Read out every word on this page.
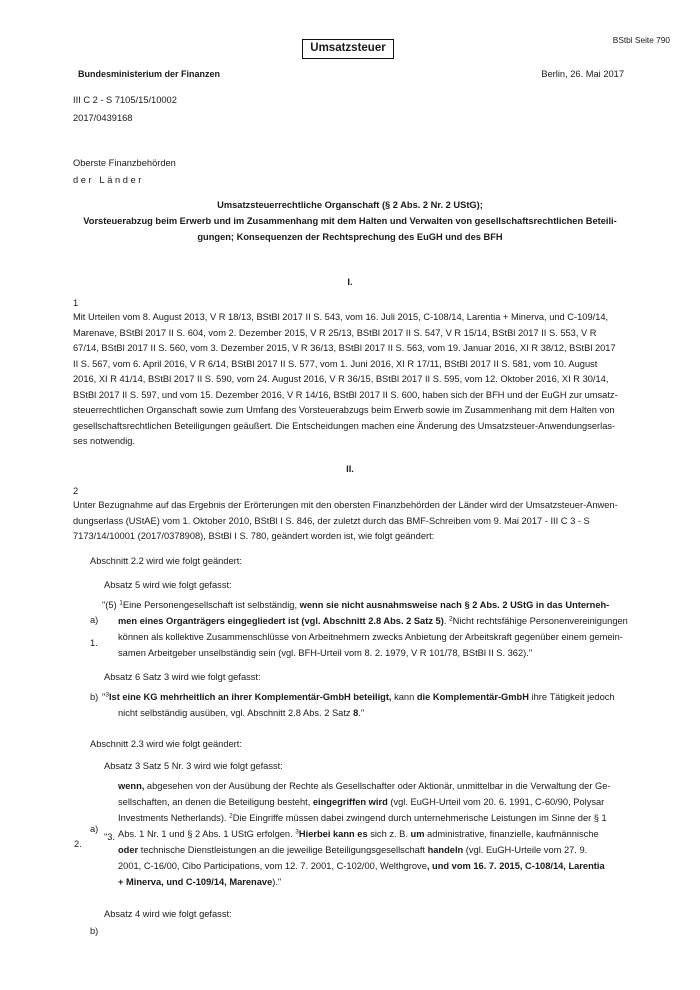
Umsatzsteuer
BStbl Seite 790
Bundesministerium der Finanzen	Berlin, 26. Mai 2017
III C 2 - S 7105/15/10002
2017/0439168
Oberste Finanzbehörden
der Länder
Umsatzsteuerrechtliche Organschaft (§ 2 Abs. 2 Nr. 2 UStG);
Vorsteuerabzug beim Erwerb und im Zusammenhang mit dem Halten und Verwalten von gesellschaftsrechtlichen Beteili-
gungen; Konsequenzen der Rechtsprechung des EuGH und des BFH
I.
1
Mit Urteilen vom 8. August 2013, V R 18/13, BStBl 2017 II S. 543, vom 16. Juli 2015, C-108/14, Larentia + Minerva, und C-109/14,
Marenave, BStBl 2017 II S. 604, vom 2. Dezember 2015, V R 25/13, BStBl 2017 II S. 547, V R 15/14, BStBl 2017 II S. 553, V R
67/14, BStBl 2017 II S. 560, vom 3. Dezember 2015, V R 36/13, BStBl 2017 II S. 563, vom 19. Januar 2016, XI R 38/12, BStBl 2017
II S. 567, vom 6. April 2016, V R 6/14, BStBl 2017 II S. 577, vom 1. Juni 2016, XI R 17/11, BStBl 2017 II S. 581, vom 10. August
2016, XI R 41/14, BStBl 2017 II S. 590, vom 24. August 2016, V R 36/15, BStBl 2017 II S. 595, vom 12. Oktober 2016, XI R 30/14,
BStBl 2017 II S. 597, und vom 15. Dezember 2016, V R 14/16, BStBl 2017 II S. 600, haben sich der BFH und der EuGH zur umsatz-
steuerrechtlichen Organschaft sowie zum Umfang des Vorsteuerabzugs beim Erwerb sowie im Zusammenhang mit dem Halten von
gesellschaftsrechtlichen Beteiligungen geäußert. Die Entscheidungen machen eine Änderung des Umsatzsteuer-Anwendungserlas-
ses notwendig.
II.
2
Unter Bezugnahme auf das Ergebnis der Erörterungen mit den obersten Finanzbehörden der Länder wird der Umsatzsteuer-Anwen-
dungserlass (UStAE) vom 1. Oktober 2010, BStBl I S. 846, der zuletzt durch das BMF-Schreiben vom 9. Mai 2017 - III C 3 - S
7173/14/10001 (2017/0378908), BStBl I S. 780, geändert worden ist, wie folgt geändert:
Abschnitt 2.2 wird wie folgt geändert:
Absatz 5 wird wie folgt gefasst:
1.
a)
"(5) $^1$Eine Personengesellschaft ist selbständig, wenn sie nicht ausnahmsweise nach § 2 Abs. 2 UStG in das Unterneh-
men eines Organträgers eingegliedert ist (vgl. Abschnitt 2.8 Abs. 2 Satz 5). $^2$Nicht rechtsfähige Personenvereinigungen
können als kollektive Zusammenschlüsse von Arbeitnehmern zwecks Anbietung der Arbeitskraft gegenüber einem gemein-
samen Arbeitgeber unselbständig sein (vgl. BFH-Urteil vom 8. 2. 1979, V R 101/78, BStBl II S. 362)."
Absatz 6 Satz 3 wird wie folgt gefasst:
b) "$^3$Ist eine KG mehrheitlich an ihrer Komplementär-GmbH beteiligt, kann die Komplementär-GmbH ihre Tätigkeit jedoch
nicht selbständig ausüben, vgl. Abschnitt 2.8 Abs. 2 Satz 8."
Abschnitt 2.3 wird wie folgt geändert:
Absatz 3 Satz 5 Nr. 3 wird wie folgt gefasst:
a)
2.
"3.
wenn, abgesehen von der Ausübung der Rechte als Gesellschafter oder Aktionär, unmittelbar in die Verwaltung der Ge-
sellschaften, an denen die Beteiligung besteht, eingegriffen wird (vgl. EuGH-Urteil vom 20. 6. 1991, C-60/90, Polysar
Investments Netherlands). $^2$Die Eingriffe müssen dabei zwingend durch unternehmerische Leistungen im Sinne der § 1
Abs. 1 Nr. 1 und § 2 Abs. 1 UStG erfolgen. $^3$Hierbei kann es sich z. B. um administrative, finanzielle, kaufmännische
oder technische Dienstleistungen an die jeweilige Beteiligungsgesellschaft handeln (vgl. EuGH-Urteile vom 27. 9.
2001, C-16/00, Cibo Participations, vom 12. 7. 2001, C-102/00, Welthgrove, und vom 16. 7. 2015, C-108/14, Larentia
+ Minerva, und C-109/14, Marenave)."
Absatz 4 wird wie folgt gefasst:
b)
